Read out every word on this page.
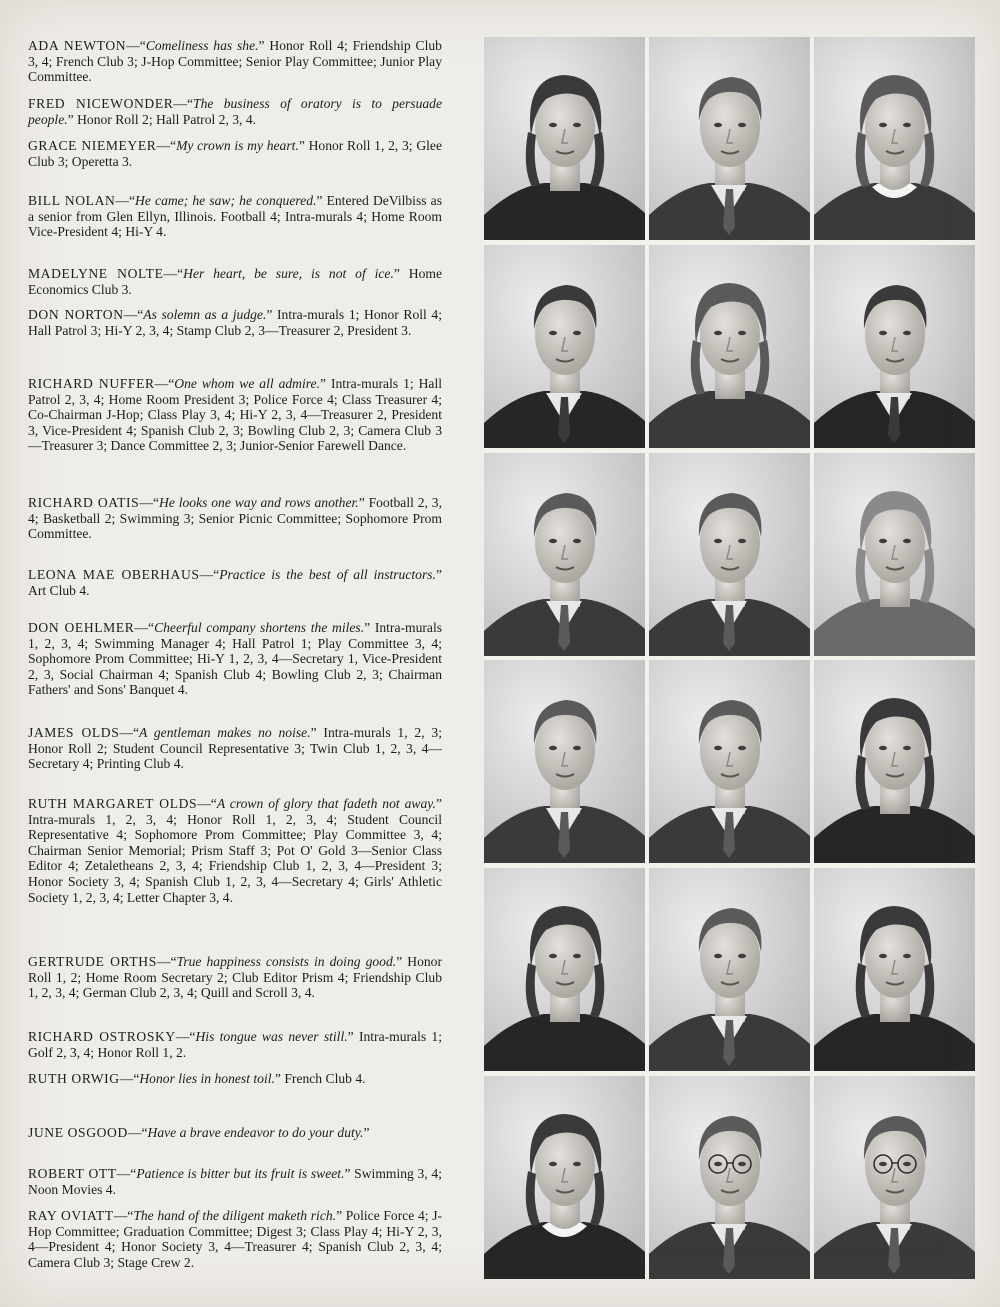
ADA NEWTON—“Comeliness has she.” Honor Roll 4; Friendship Club 3, 4; French Club 3; J-Hop Committee; Senior Play Committee; Junior Play Committee.

FRED NICEWONDER—“The business of oratory is to persuade people.” Honor Roll 2; Hall Patrol 2, 3, 4.

GRACE NIEMEYER—“My crown is my heart.” Honor Roll 1, 2, 3; Glee Club 3; Operetta 3.

BILL NOLAN—“He came; he saw; he conquered.” Entered DeVilbiss as a senior from Glen Ellyn, Illinois. Football 4; Intra-murals 4; Home Room Vice-President 4; Hi-Y 4.

MADELYNE NOLTE—“Her heart, be sure, is not of ice.” Home Economics Club 3.

DON NORTON—“As solemn as a judge.” Intra-murals 1; Honor Roll 4; Hall Patrol 3; Hi-Y 2, 3, 4; Stamp Club 2, 3—Treasurer 2, President 3.

RICHARD NUFFER—“One whom we all admire.” Intra-murals 1; Hall Patrol 2, 3, 4; Home Room President 3; Police Force 4; Class Treasurer 4; Co-Chairman J-Hop; Class Play 3, 4; Hi-Y 2, 3, 4—Treasurer 2, President 3, Vice-President 4; Spanish Club 2, 3; Bowling Club 2, 3; Camera Club 3—Treasurer 3; Dance Committee 2, 3; Junior-Senior Farewell Dance.

RICHARD OATIS—“He looks one way and rows another.” Football 2, 3, 4; Basketball 2; Swimming 3; Senior Picnic Committee; Sophomore Prom Committee.

LEONA MAE OBERHAUS—“Practice is the best of all instructors.” Art Club 4.

DON OEHLMER—“Cheerful company shortens the miles.” Intra-murals 1, 2, 3, 4; Swimming Manager 4; Hall Patrol 1; Play Committee 3, 4; Sophomore Prom Committee; Hi-Y 1, 2, 3, 4—Secretary 1, Vice-President 2, 3, Social Chairman 4; Spanish Club 4; Bowling Club 2, 3; Chairman Fathers' and Sons' Banquet 4.

JAMES OLDS—“A gentleman makes no noise.” Intra-murals 1, 2, 3; Honor Roll 2; Student Council Representative 3; Twin Club 1, 2, 3, 4—Secretary 4; Printing Club 4.

RUTH MARGARET OLDS—“A crown of glory that fadeth not away.” Intra-murals 1, 2, 3, 4; Honor Roll 1, 2, 3, 4; Student Council Representative 4; Sophomore Prom Committee; Play Committee 3, 4; Chairman Senior Memorial; Prism Staff 3; Pot O' Gold 3—Senior Class Editor 4; Zetaletheans 2, 3, 4; Friendship Club 1, 2, 3, 4—President 3; Honor Society 3, 4; Spanish Club 1, 2, 3, 4—Secretary 4; Girls' Athletic Society 1, 2, 3, 4; Letter Chapter 3, 4.

GERTRUDE ORTHS—“True happiness consists in doing good.” Honor Roll 1, 2; Home Room Secretary 2; Club Editor Prism 4; Friendship Club 1, 2, 3, 4; German Club 2, 3, 4; Quill and Scroll 3, 4.

RICHARD OSTROSKY—“His tongue was never still.” Intra-murals 1; Golf 2, 3, 4; Honor Roll 1, 2.

RUTH ORWIG—“Honor lies in honest toil.” French Club 4.

JUNE OSGOOD—“Have a brave endeavor to do your duty.”

ROBERT OTT—“Patience is bitter but its fruit is sweet.” Swimming 3, 4; Noon Movies 4.

RAY OVIATT—“The hand of the diligent maketh rich.” Police Force 4; J-Hop Committee; Graduation Committee; Digest 3; Class Play 4; Hi-Y 2, 3, 4—President 4; Honor Society 3, 4—Treasurer 4; Spanish Club 2, 3, 4; Camera Club 3; Stage Crew 2.
